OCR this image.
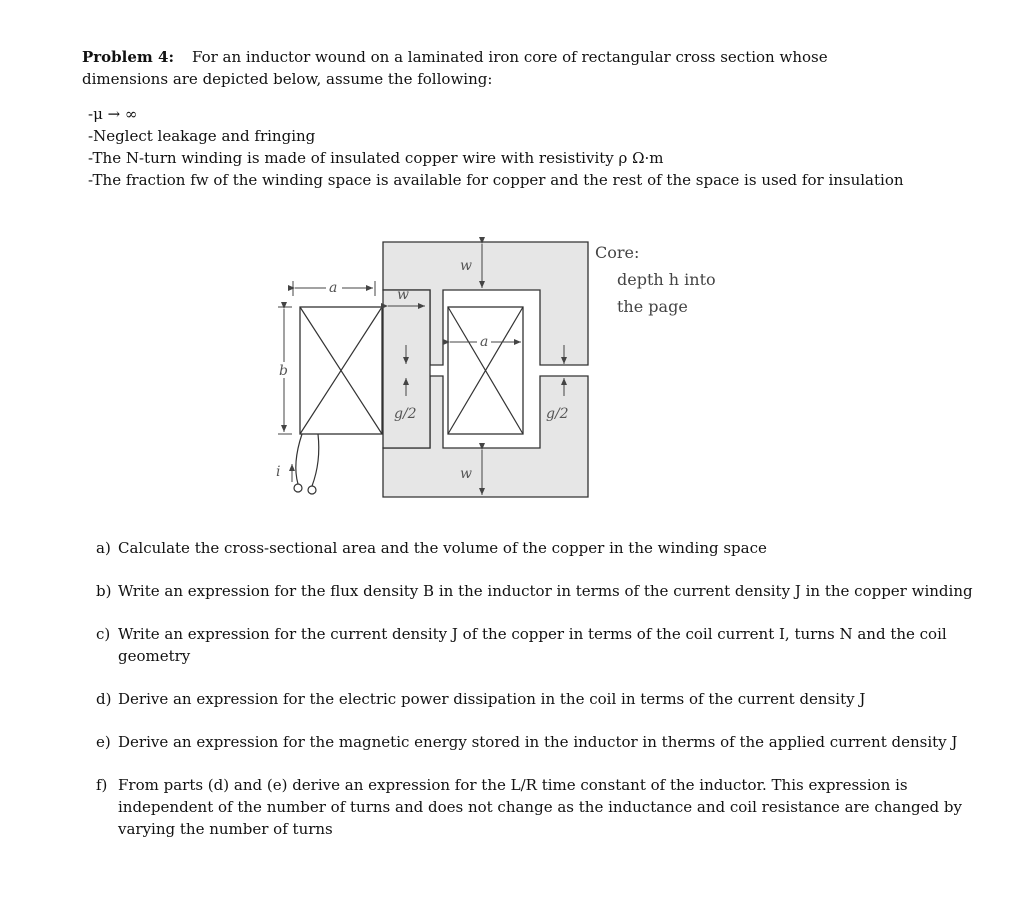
Problem 4: For an inductor wound on a laminated iron core of rectangular cross section whose dimensions are depicted below, assume the following:

-μ → ∞
-Neglect leakage and fringing
-The N-turn winding is made of insulated copper wire with resistivity ρ Ω·m
-The fraction fw of the winding space is available for copper and the rest of the space is used for insulation
w
a	w
a
b
g/2	g/2
w
i
Core:
depth h into
the page
a) Calculate the cross-sectional area and the volume of the copper in the winding space
b) Write an expression for the flux density B in the inductor in terms of the current density J in the copper winding
c) Write an expression for the current density J of the copper in terms of the coil current I, turns N and the coil geometry
d) Derive an expression for the electric power dissipation in the coil in terms of the current density J
e) Derive an expression for the magnetic energy stored in the inductor in therms of the applied current density J
f) From parts (d) and (e) derive an expression for the L/R time constant of the inductor. This expression is independent of the number of turns and does not change as the inductance and coil resistance are changed by varying the number of turns
